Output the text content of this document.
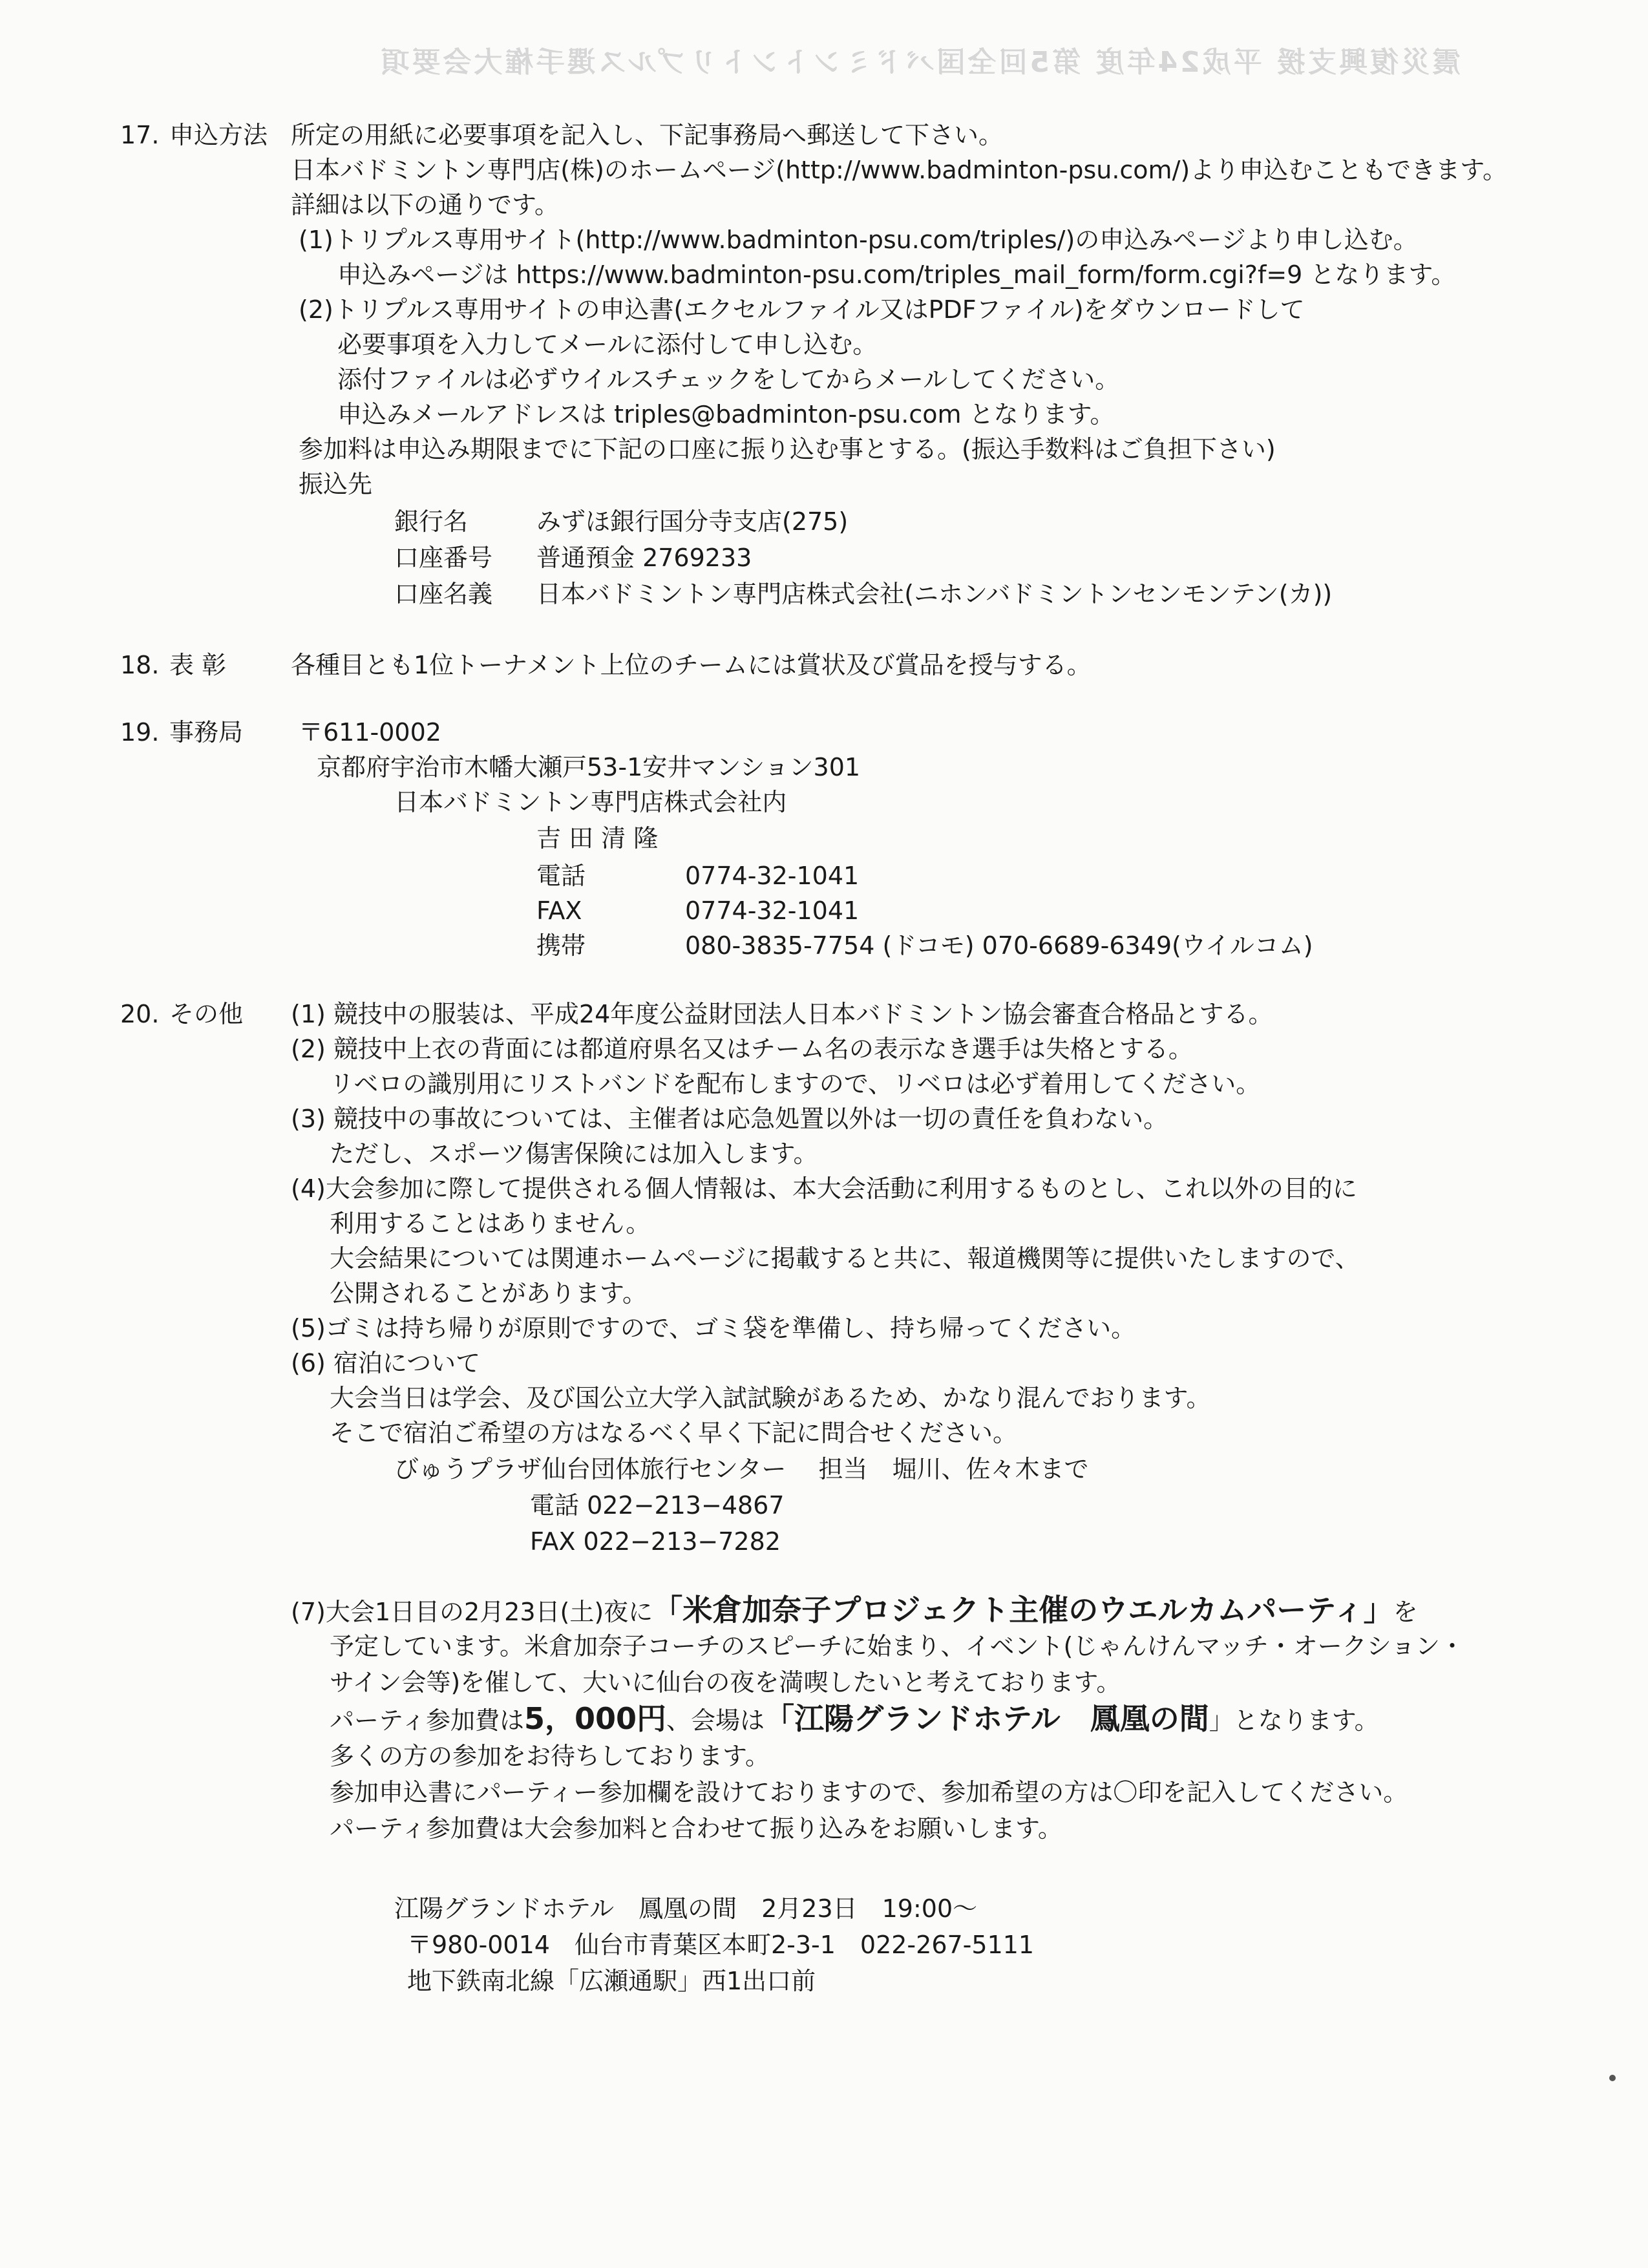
震災復興支援 平成24年度 第5回全国バドミントントリプルス選手権大会要項
17. 申込方法 所定の用紙に必要事項を記入し、下記事務局へ郵送して下さい。
日本バドミントン専門店(株)のホームページ(http://www.badminton-psu.com/)より申込むこともできます。
詳細は以下の通りです。
(1)トリプルス専用サイト(http://www.badminton-psu.com/triples/)の申込みページより申し込む。
申込みページは https://www.badminton-psu.com/triples_mail_form/form.cgi?f=9 となります。
(2)トリプルス専用サイトの申込書(エクセルファイル又はPDFファイル)をダウンロードして
必要事項を入力してメールに添付して申し込む。
添付ファイルは必ずウイルスチェックをしてからメールしてください。
申込みメールアドレスは triples@badminton-psu.com となります。
参加料は申込み期限までに下記の口座に振り込む事とする。(振込手数料はご負担下さい)
振込先
銀行名	みずほ銀行国分寺支店(275)
口座番号 普通預金 2769233
口座名義 日本バドミントン専門店株式会社(ニホンバドミントンセンモンテン(カ))
18. 表 彰	各種目とも1位トーナメント上位のチームには賞状及び賞品を授与する。
19. 事務局 〒611-0002
京都府宇治市木幡大瀬戸53-1安井マンション301
日本バドミントン専門店株式会社内
吉 田 清 隆
電話	0774-32-1041
FAX	0774-32-1041
携帯	080-3835-7754 (ドコモ) 070-6689-6349(ウイルコム)
20. その他 (1) 競技中の服装は、平成24年度公益財団法人日本バドミントン協会審査合格品とする。
(2) 競技中上衣の背面には都道府県名又はチーム名の表示なき選手は失格とする。
リベロの識別用にリストバンドを配布しますので、リベロは必ず着用してください。
(3) 競技中の事故については、主催者は応急処置以外は一切の責任を負わない。
ただし、スポーツ傷害保険には加入します。
(4)大会参加に際して提供される個人情報は、本大会活動に利用するものとし、これ以外の目的に
利用することはありません。
大会結果については関連ホームページに掲載すると共に、報道機関等に提供いたしますので、
公開されることがあります。
(5)ゴミは持ち帰りが原則ですので、ゴミ袋を準備し、持ち帰ってください。
(6) 宿泊について
大会当日は学会、及び国公立大学入試試験があるため、かなり混んでおります。
そこで宿泊ご希望の方はなるべく早く下記に問合せください。
びゅうプラザ仙台団体旅行センター　 担当　堀川、佐々木まで
電話 022−213−4867
FAX 022−213−7282
(7)大会1日目の2月23日(土)夜に「米倉加奈子プロジェクト主催のウエルカムパーティ」を
予定しています。米倉加奈子コーチのスピーチに始まり、イベント(じゃんけんマッチ・オークション・
サイン会等)を催して、大いに仙台の夜を満喫したいと考えております。
パーティ参加費は5，000円、会場は「江陽グランドホテル　鳳凰の間」となります。
多くの方の参加をお待ちしております。
参加申込書にパーティー参加欄を設けておりますので、参加希望の方は〇印を記入してください。
パーティ参加費は大会参加料と合わせて振り込みをお願いします。
江陽グランドホテル　鳳凰の間　2月23日　19:00〜
〒980-0014　仙台市青葉区本町2-3-1　022-267-5111
地下鉄南北線「広瀬通駅」西1出口前
